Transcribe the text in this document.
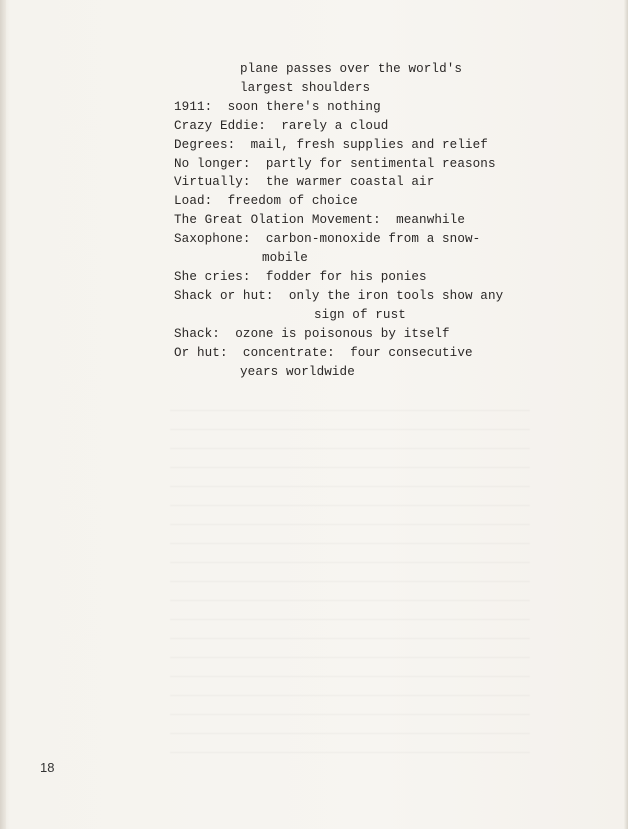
plane passes over the world's
largest shoulders
1911:  soon there's nothing
Crazy Eddie:  rarely a cloud
Degrees:  mail, fresh supplies and relief
No longer:  partly for sentimental reasons
Virtually:  the warmer coastal air
Load:  freedom of choice
The Great Olation Movement:  meanwhile
Saxophone:  carbon-monoxide from a snow-
mobile
She cries:  fodder for his ponies
Shack or hut:  only the iron tools show any
sign of rust
Shack:  ozone is poisonous by itself
Or hut:  concentrate:  four consecutive
years worldwide
18
